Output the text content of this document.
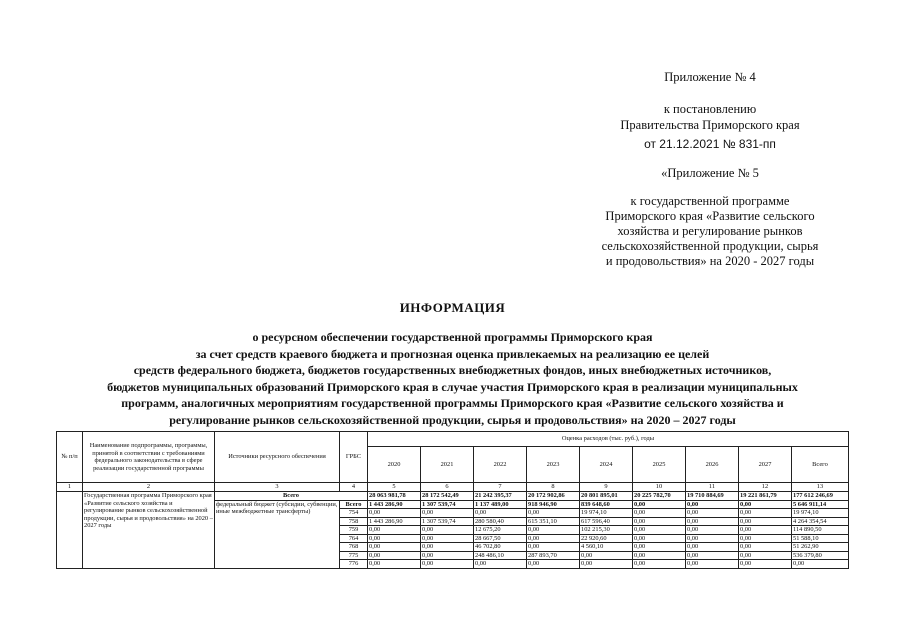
Приложение № 4
к постановлению
Правительства Приморского края
от 21.12.2021 № 831-пп
«Приложение № 5
к государственной программе
Приморского края «Развитие сельского
хозяйства и регулирование рынков
сельскохозяйственной продукции, сырья
и продовольствия» на 2020 - 2027 годы
ИНФОРМАЦИЯ
о ресурсном обеспечении государственной программы Приморского края
за счет средств краевого бюджета и прогнозная оценка привлекаемых на реализацию ее целей
средств федерального бюджета, бюджетов государственных внебюджетных фондов, иных внебюджетных источников,
бюджетов муниципальных образований Приморского края в случае участия Приморского края в реализации муниципальных
программ, аналогичных мероприятиям государственной программы Приморского края «Развитие сельского хозяйства и
регулирование рынков сельскохозяйственной продукции, сырья и продовольствия» на 2020 – 2027 годы
№ п/п	Наименование подпрограммы, программы, принятой в соответствии с требованиями федерального законодательства в сфере реализации государственной программы	Источники ресурсного обеспечения	ГРБС	Оценка расходов (тыс. руб.), годы								
				2020	2021	2022	2023	2024	2025	2026	2027	Всего
1	2	3	4	5	6	7	8	9	10	11	12	13
	Государственная программа Приморского края «Развитие сельского хозяйства и регулирование рынков сельскохозяйственной продукции, сырья и продовольствия» на 2020 – 2027 годы	Всего		28 063 981,78	28 172 542,49	21 242 395,37	20 172 902,86	20 801 895,01	20 225 782,70	19 710 884,69	19 221 861,79	177 612 246,69
		федеральный бюджет (субсидии, субвенции, иные межбюджетные трансферты)	Всего	1 443 286,90	1 307 539,74	1 137 489,00	918 946,90	839 648,60	0,00	0,00	0,00	5 646 911,14
			754	0,00	0,00	0,00	0,00	19 974,10	0,00	0,00	0,00	19 974,10
			758	1 443 286,90	1 307 539,74	280 580,40	615 351,10	617 596,40	0,00	0,00	0,00	4 264 354,54
			759	0,00	0,00	12 675,20	0,00	102 215,30	0,00	0,00	0,00	114 890,50
			764	0,00	0,00	28 667,50	0,00	22 920,60	0,00	0,00	0,00	51 588,10
			768	0,00	0,00	46 702,80	0,00	4 560,10	0,00	0,00	0,00	51 262,90
			775	0,00	0,00	248 486,10	287 893,70	0,00	0,00	0,00	0,00	536 379,80
			776	0,00	0,00	0,00	0,00	0,00	0,00	0,00	0,00	0,00
